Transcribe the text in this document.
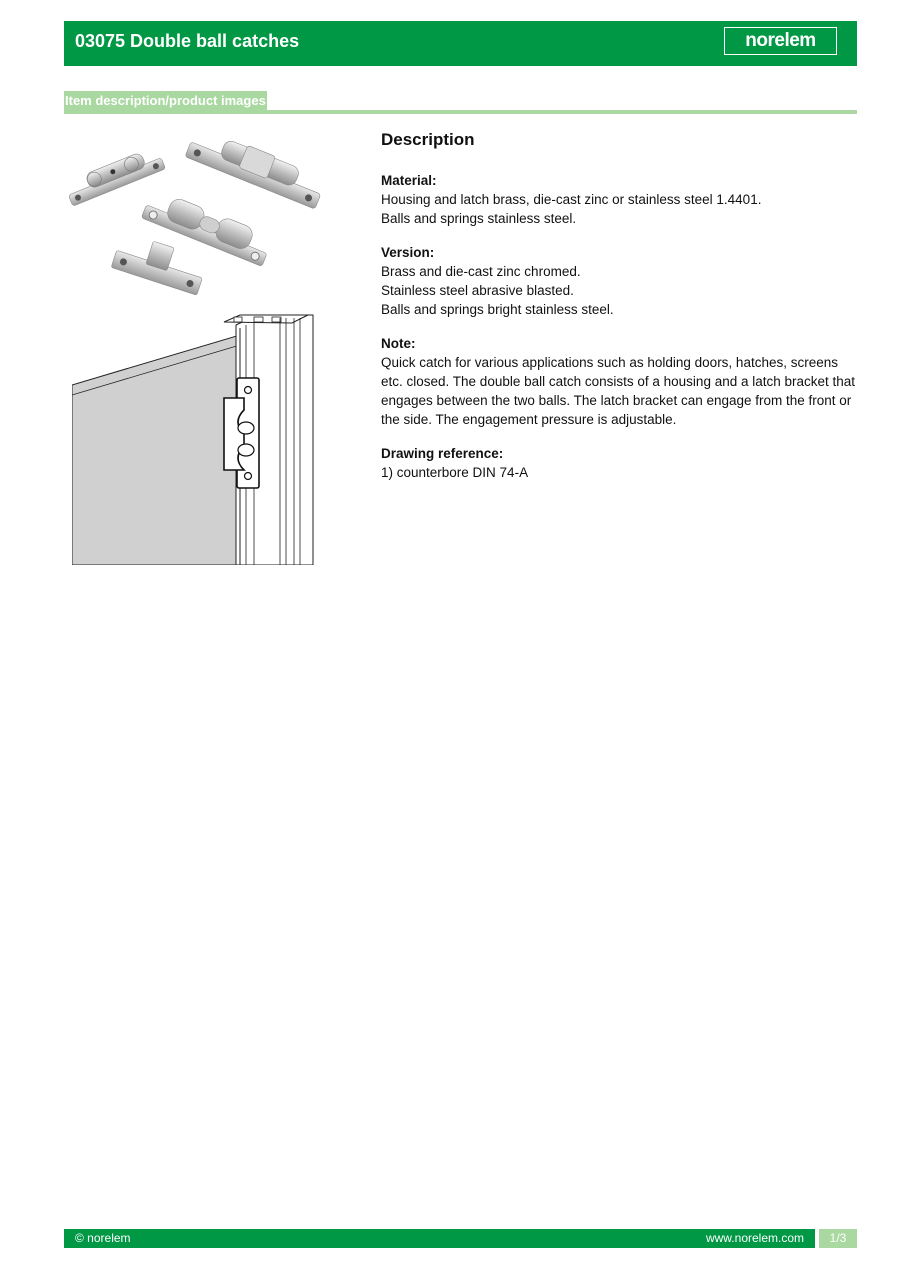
03075 Double ball catches	norelem
Item description/product images
Description
Material:
Housing and latch brass, die-cast zinc or stainless steel 1.4401.
Balls and springs stainless steel.
Version:
Brass and die-cast zinc chromed.
Stainless steel abrasive blasted.
Balls and springs bright stainless steel.
Note:
Quick catch for various applications such as holding doors, hatches, screens etc. closed. The double ball catch consists of a housing and a latch bracket that engages between the two balls. The latch bracket can engage from the front or the side. The engagement pressure is adjustable.
Drawing reference:
1) counterbore DIN 74-A
© norelem	www.norelem.com	1/3
